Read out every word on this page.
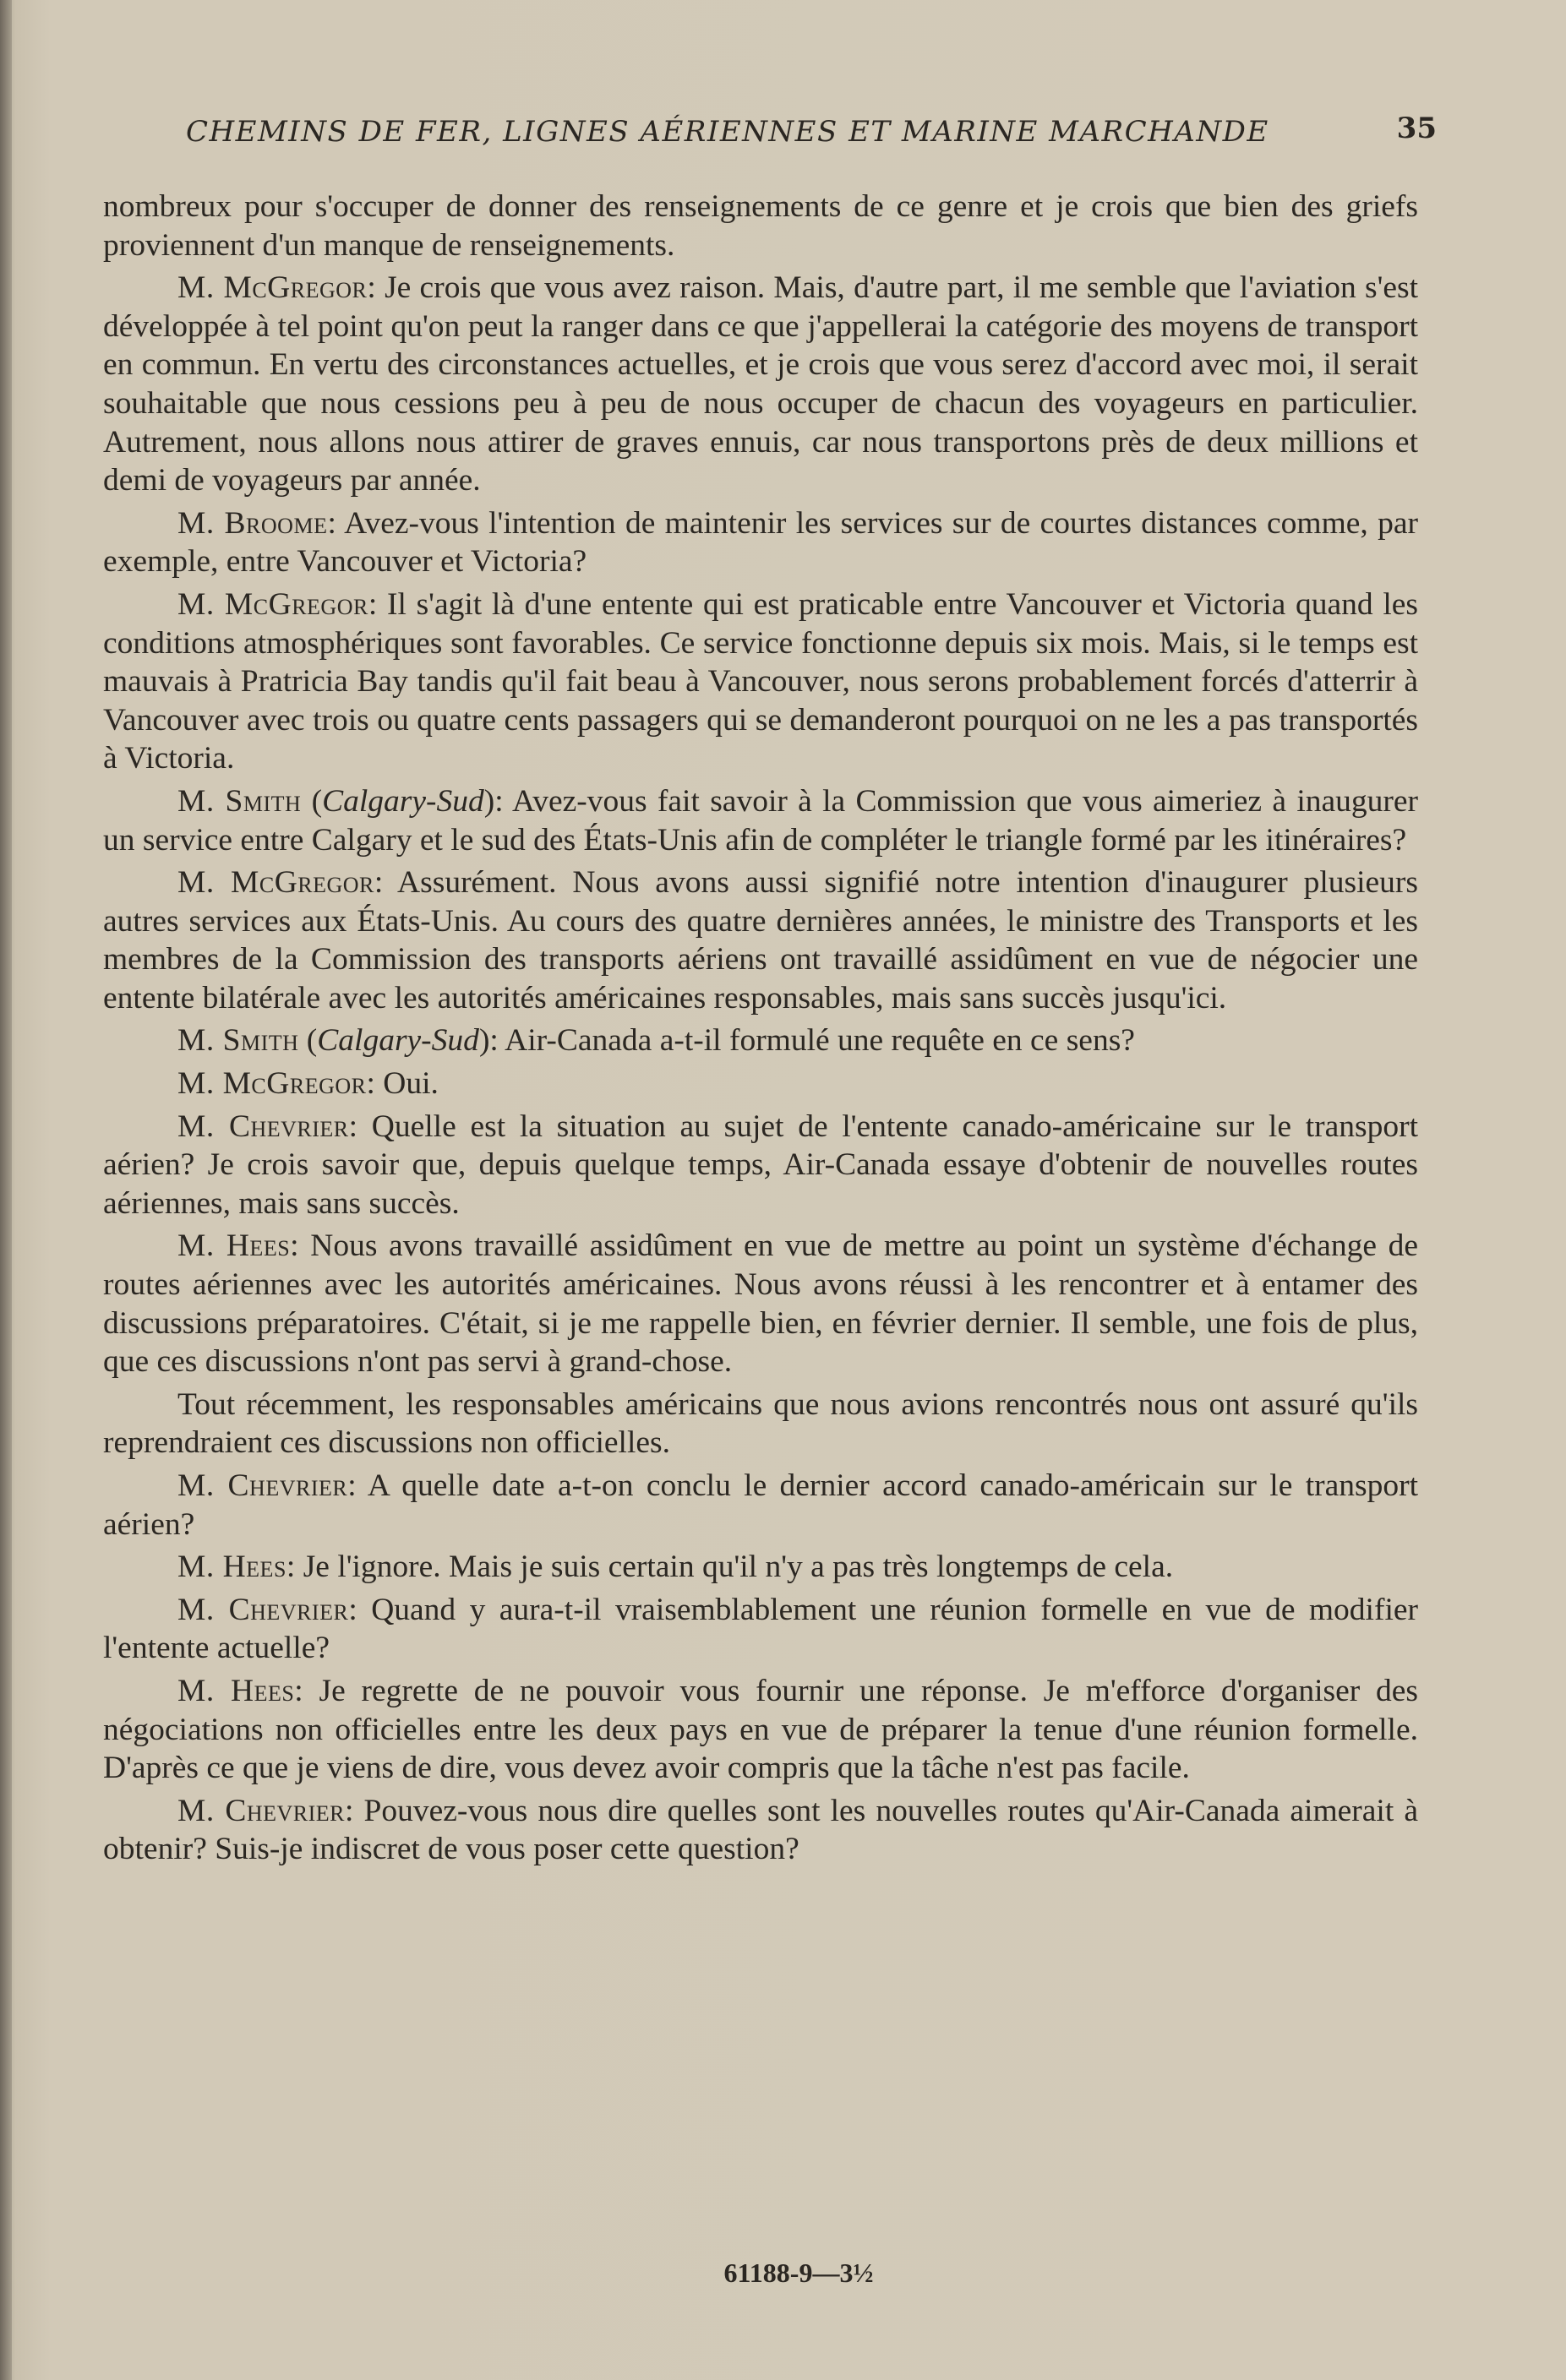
CHEMINS DE FER, LIGNES AÉRIENNES ET MARINE MARCHANDE	35

nombreux pour s'occuper de donner des renseignements de ce genre et je crois que bien des griefs proviennent d'un manque de renseignements.

M. McGregor: Je crois que vous avez raison. Mais, d'autre part, il me semble que l'aviation s'est développée à tel point qu'on peut la ranger dans ce que j'appellerai la catégorie des moyens de transport en commun. En vertu des circonstances actuelles, et je crois que vous serez d'accord avec moi, il serait souhaitable que nous cessions peu à peu de nous occuper de chacun des voyageurs en particulier. Autrement, nous allons nous attirer de graves ennuis, car nous transportons près de deux millions et demi de voyageurs par année.

M. Broome: Avez-vous l'intention de maintenir les services sur de courtes distances comme, par exemple, entre Vancouver et Victoria?

M. McGregor: Il s'agit là d'une entente qui est praticable entre Vancouver et Victoria quand les conditions atmosphériques sont favorables. Ce service fonctionne depuis six mois. Mais, si le temps est mauvais à Pratricia Bay tandis qu'il fait beau à Vancouver, nous serons probablement forcés d'atterrir à Vancouver avec trois ou quatre cents passagers qui se demanderont pourquoi on ne les a pas transportés à Victoria.

M. Smith (Calgary-Sud): Avez-vous fait savoir à la Commission que vous aimeriez à inaugurer un service entre Calgary et le sud des États-Unis afin de compléter le triangle formé par les itinéraires?

M. McGregor: Assurément. Nous avons aussi signifié notre intention d'inaugurer plusieurs autres services aux États-Unis. Au cours des quatre dernières années, le ministre des Transports et les membres de la Commission des transports aériens ont travaillé assidûment en vue de négocier une entente bilatérale avec les autorités américaines responsables, mais sans succès jusqu'ici.

M. Smith (Calgary-Sud): Air-Canada a-t-il formulé une requête en ce sens?

M. McGregor: Oui.

M. Chevrier: Quelle est la situation au sujet de l'entente canado-américaine sur le transport aérien? Je crois savoir que, depuis quelque temps, Air-Canada essaye d'obtenir de nouvelles routes aériennes, mais sans succès.

M. Hees: Nous avons travaillé assidûment en vue de mettre au point un système d'échange de routes aériennes avec les autorités américaines. Nous avons réussi à les rencontrer et à entamer des discussions préparatoires. C'était, si je me rappelle bien, en février dernier. Il semble, une fois de plus, que ces discussions n'ont pas servi à grand-chose.

Tout récemment, les responsables américains que nous avions rencontrés nous ont assuré qu'ils reprendraient ces discussions non officielles.

M. Chevrier: A quelle date a-t-on conclu le dernier accord canado-américain sur le transport aérien?

M. Hees: Je l'ignore. Mais je suis certain qu'il n'y a pas très longtemps de cela.

M. Chevrier: Quand y aura-t-il vraisemblablement une réunion formelle en vue de modifier l'entente actuelle?

M. Hees: Je regrette de ne pouvoir vous fournir une réponse. Je m'efforce d'organiser des négociations non officielles entre les deux pays en vue de préparer la tenue d'une réunion formelle. D'après ce que je viens de dire, vous devez avoir compris que la tâche n'est pas facile.

M. Chevrier: Pouvez-vous nous dire quelles sont les nouvelles routes qu'Air-Canada aimerait à obtenir? Suis-je indiscret de vous poser cette question?

61188-9—3½
